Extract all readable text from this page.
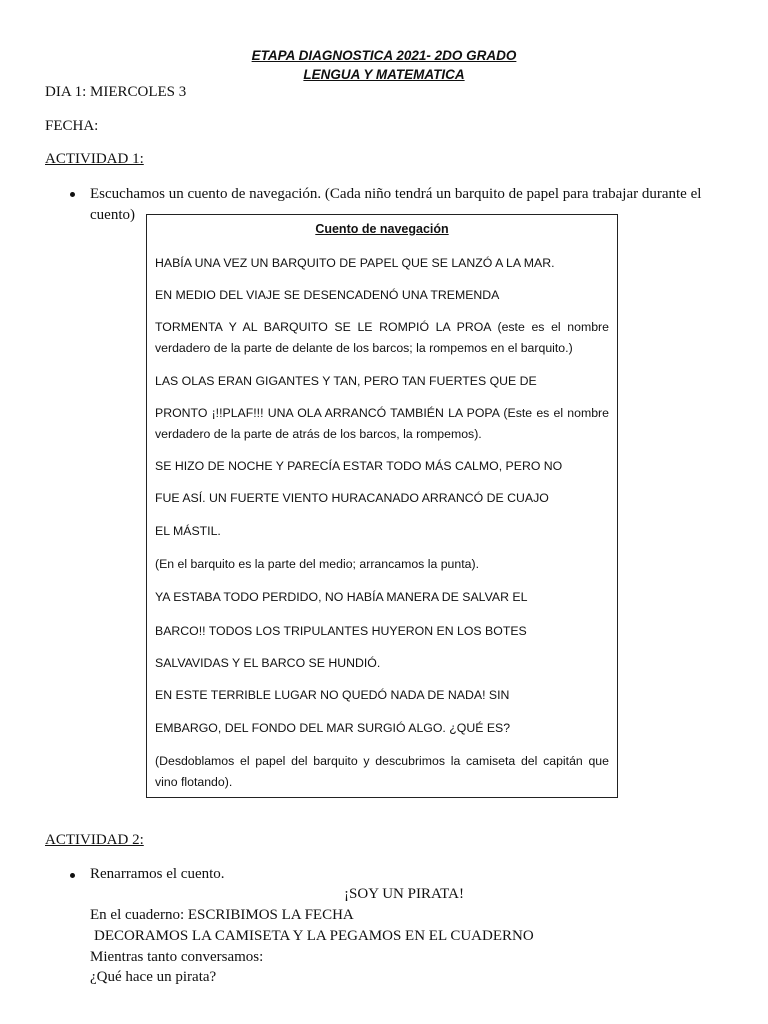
ETAPA DIAGNOSTICA 2021- 2DO GRADO
LENGUA Y MATEMATICA
DIA 1: MIERCOLES 3
FECHA:
ACTIVIDAD 1:
Escuchamos un cuento de navegación. (Cada niño tendrá un barquito de papel para trabajar durante el cuento)
Cuento de navegación
HABÍA UNA VEZ UN BARQUITO DE PAPEL QUE SE LANZÓ A LA MAR.
EN MEDIO DEL VIAJE SE DESENCADENÓ UNA TREMENDA
TORMENTA Y AL BARQUITO SE LE ROMPIÓ LA PROA (este es el nombre verdadero de la parte de delante de los barcos; la rompemos en el barquito.)
LAS OLAS ERAN GIGANTES Y TAN, PERO TAN FUERTES QUE DE
PRONTO ¡!!PLAF!!! UNA OLA ARRANCÓ TAMBIÉN LA POPA (Este es el nombre verdadero de la parte de atrás de los barcos, la rompemos).
SE HIZO DE NOCHE Y PARECÍA ESTAR TODO MÁS CALMO, PERO NO
FUE ASÍ. UN FUERTE VIENTO HURACANADO ARRANCÓ DE CUAJO
EL MÁSTIL.
(En el barquito es la parte del medio; arrancamos la punta).
YA ESTABA TODO PERDIDO, NO HABÍA MANERA DE SALVAR EL
BARCO!! TODOS LOS TRIPULANTES HUYERON EN LOS BOTES
SALVAVIDAS Y EL BARCO SE HUNDIÓ.
EN ESTE TERRIBLE LUGAR NO QUEDÓ NADA DE NADA! SIN
EMBARGO, DEL FONDO DEL MAR SURGIÓ ALGO. ¿QUÉ ES?
(Desdoblamos el papel del barquito y descubrimos la camiseta del capitán que vino flotando).
ACTIVIDAD 2:
Renarramos el cuento.
¡SOY UN PIRATA!
En el cuaderno: ESCRIBIMOS LA FECHA
DECORAMOS LA CAMISETA Y LA PEGAMOS EN EL CUADERNO
Mientras tanto conversamos:
¿Qué hace un pirata?
